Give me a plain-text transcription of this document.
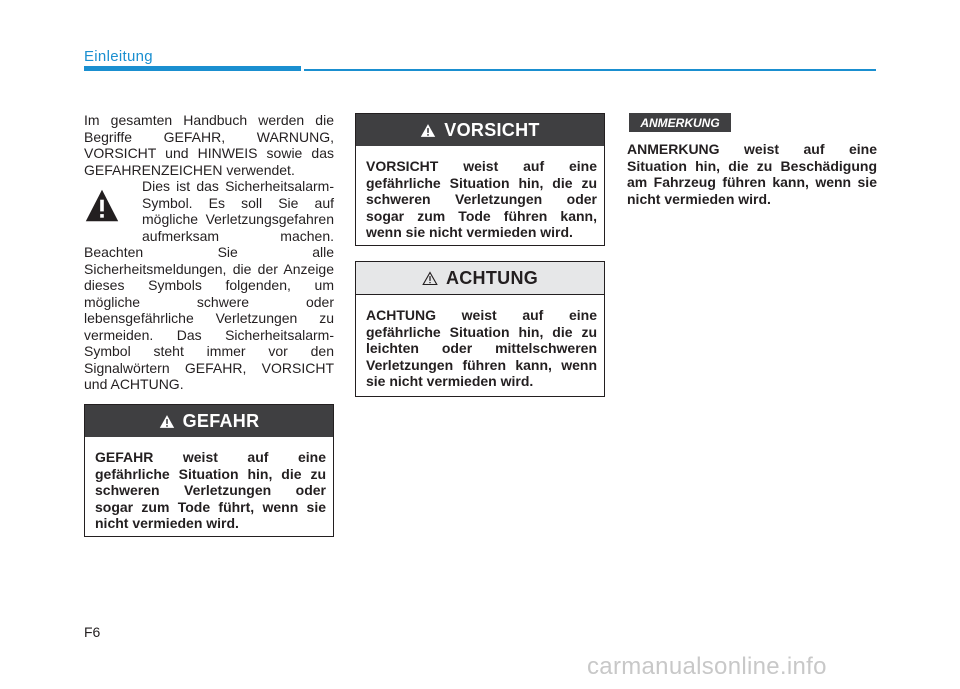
Einleitung

Im gesamten Handbuch werden die Begriffe GEFAHR, WARNUNG, VORSICHT und HINWEIS sowie das GEFAHRENZEICHEN verwendet.

Dies ist das Sicherheitsalarm-Symbol. Es soll Sie auf mögliche Verletzungsgefahren aufmerksam machen. Beachten Sie alle Sicherheitsmeldungen, die der Anzeige dieses Symbols folgenden, um mögliche schwere oder lebensgefährliche Verletzungen zu vermeiden. Das Sicherheitsalarm-Symbol steht immer vor den Signalwörtern GEFAHR, VORSICHT und ACHTUNG.

GEFAHR

GEFAHR weist auf eine gefährliche Situation hin, die zu schweren Verletzungen oder sogar zum Tode führt, wenn sie nicht vermieden wird.

VORSICHT

VORSICHT weist auf eine gefährliche Situation hin, die zu schweren Verletzungen oder sogar zum Tode führen kann, wenn sie nicht vermieden wird.

ACHTUNG

ACHTUNG weist auf eine gefährliche Situation hin, die zu leichten oder mittelschweren Verletzungen führen kann, wenn sie nicht vermieden wird.

ANMERKUNG

ANMERKUNG weist auf eine Situation hin, die zu Beschädigung am Fahrzeug führen kann, wenn sie nicht vermieden wird.

F6
carmanualsonline.info
